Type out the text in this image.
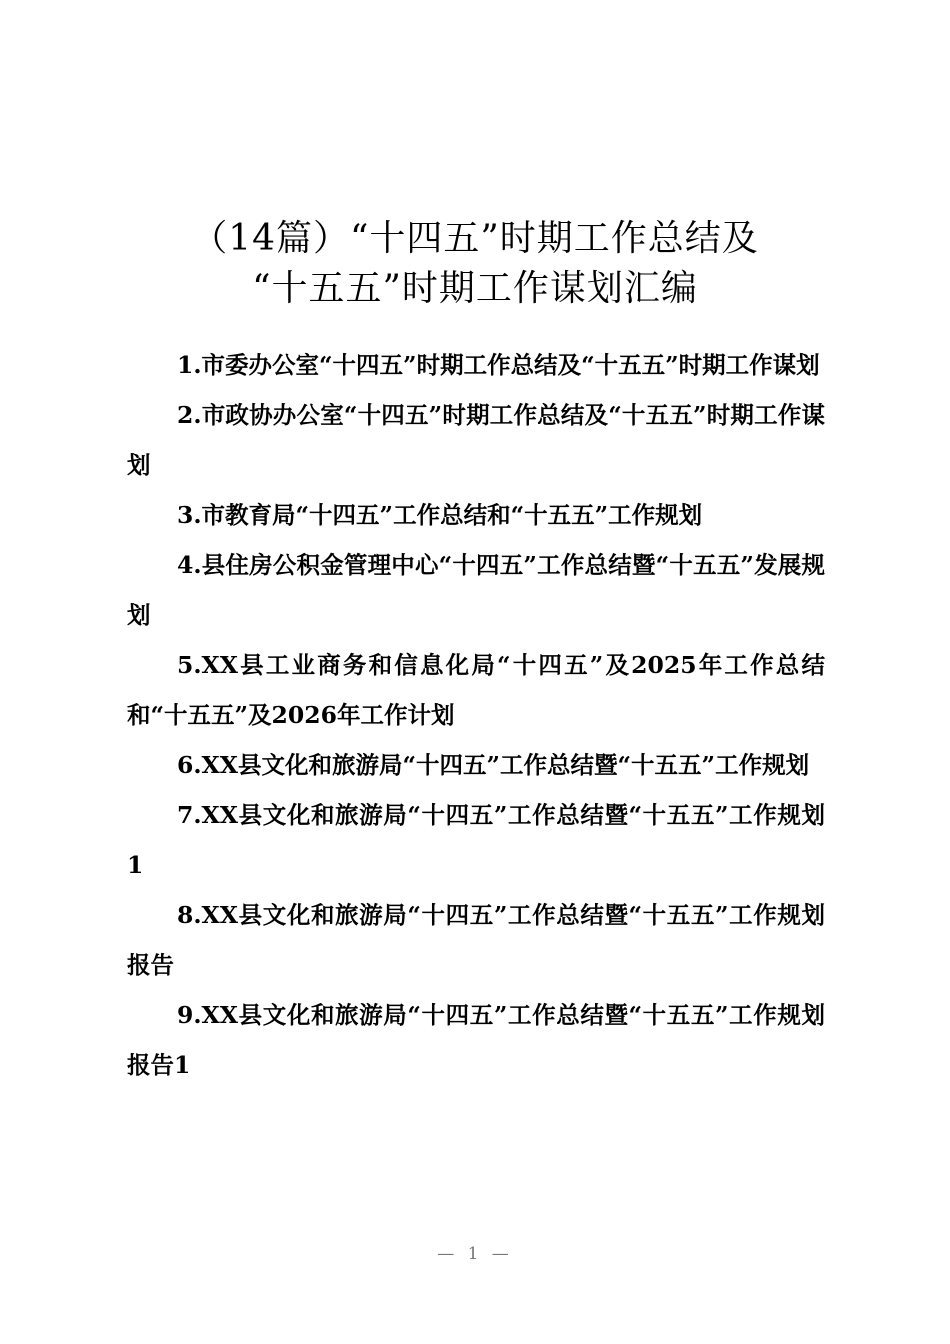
（14篇）“十四五”时期工作总结及
“十五五”时期工作谋划汇编
1.市委办公室“十四五”时期工作总结及“十五五”时期工作谋划
2.市政协办公室“十四五”时期工作总结及“十五五”时期工作谋划
3.市教育局“十四五”工作总结和“十五五”工作规划
4.县住房公积金管理中心“十四五”工作总结暨“十五五”发展规划
5.XX县工业商务和信息化局“十四五”及2025年工作总结和“十五五”及2026年工作计划
6.XX县文化和旅游局“十四五”工作总结暨“十五五”工作规划
7.XX县文化和旅游局“十四五”工作总结暨“十五五”工作规划1
8.XX县文化和旅游局“十四五”工作总结暨“十五五”工作规划报告
9.XX县文化和旅游局“十四五”工作总结暨“十五五”工作规划报告1
— 1 —
